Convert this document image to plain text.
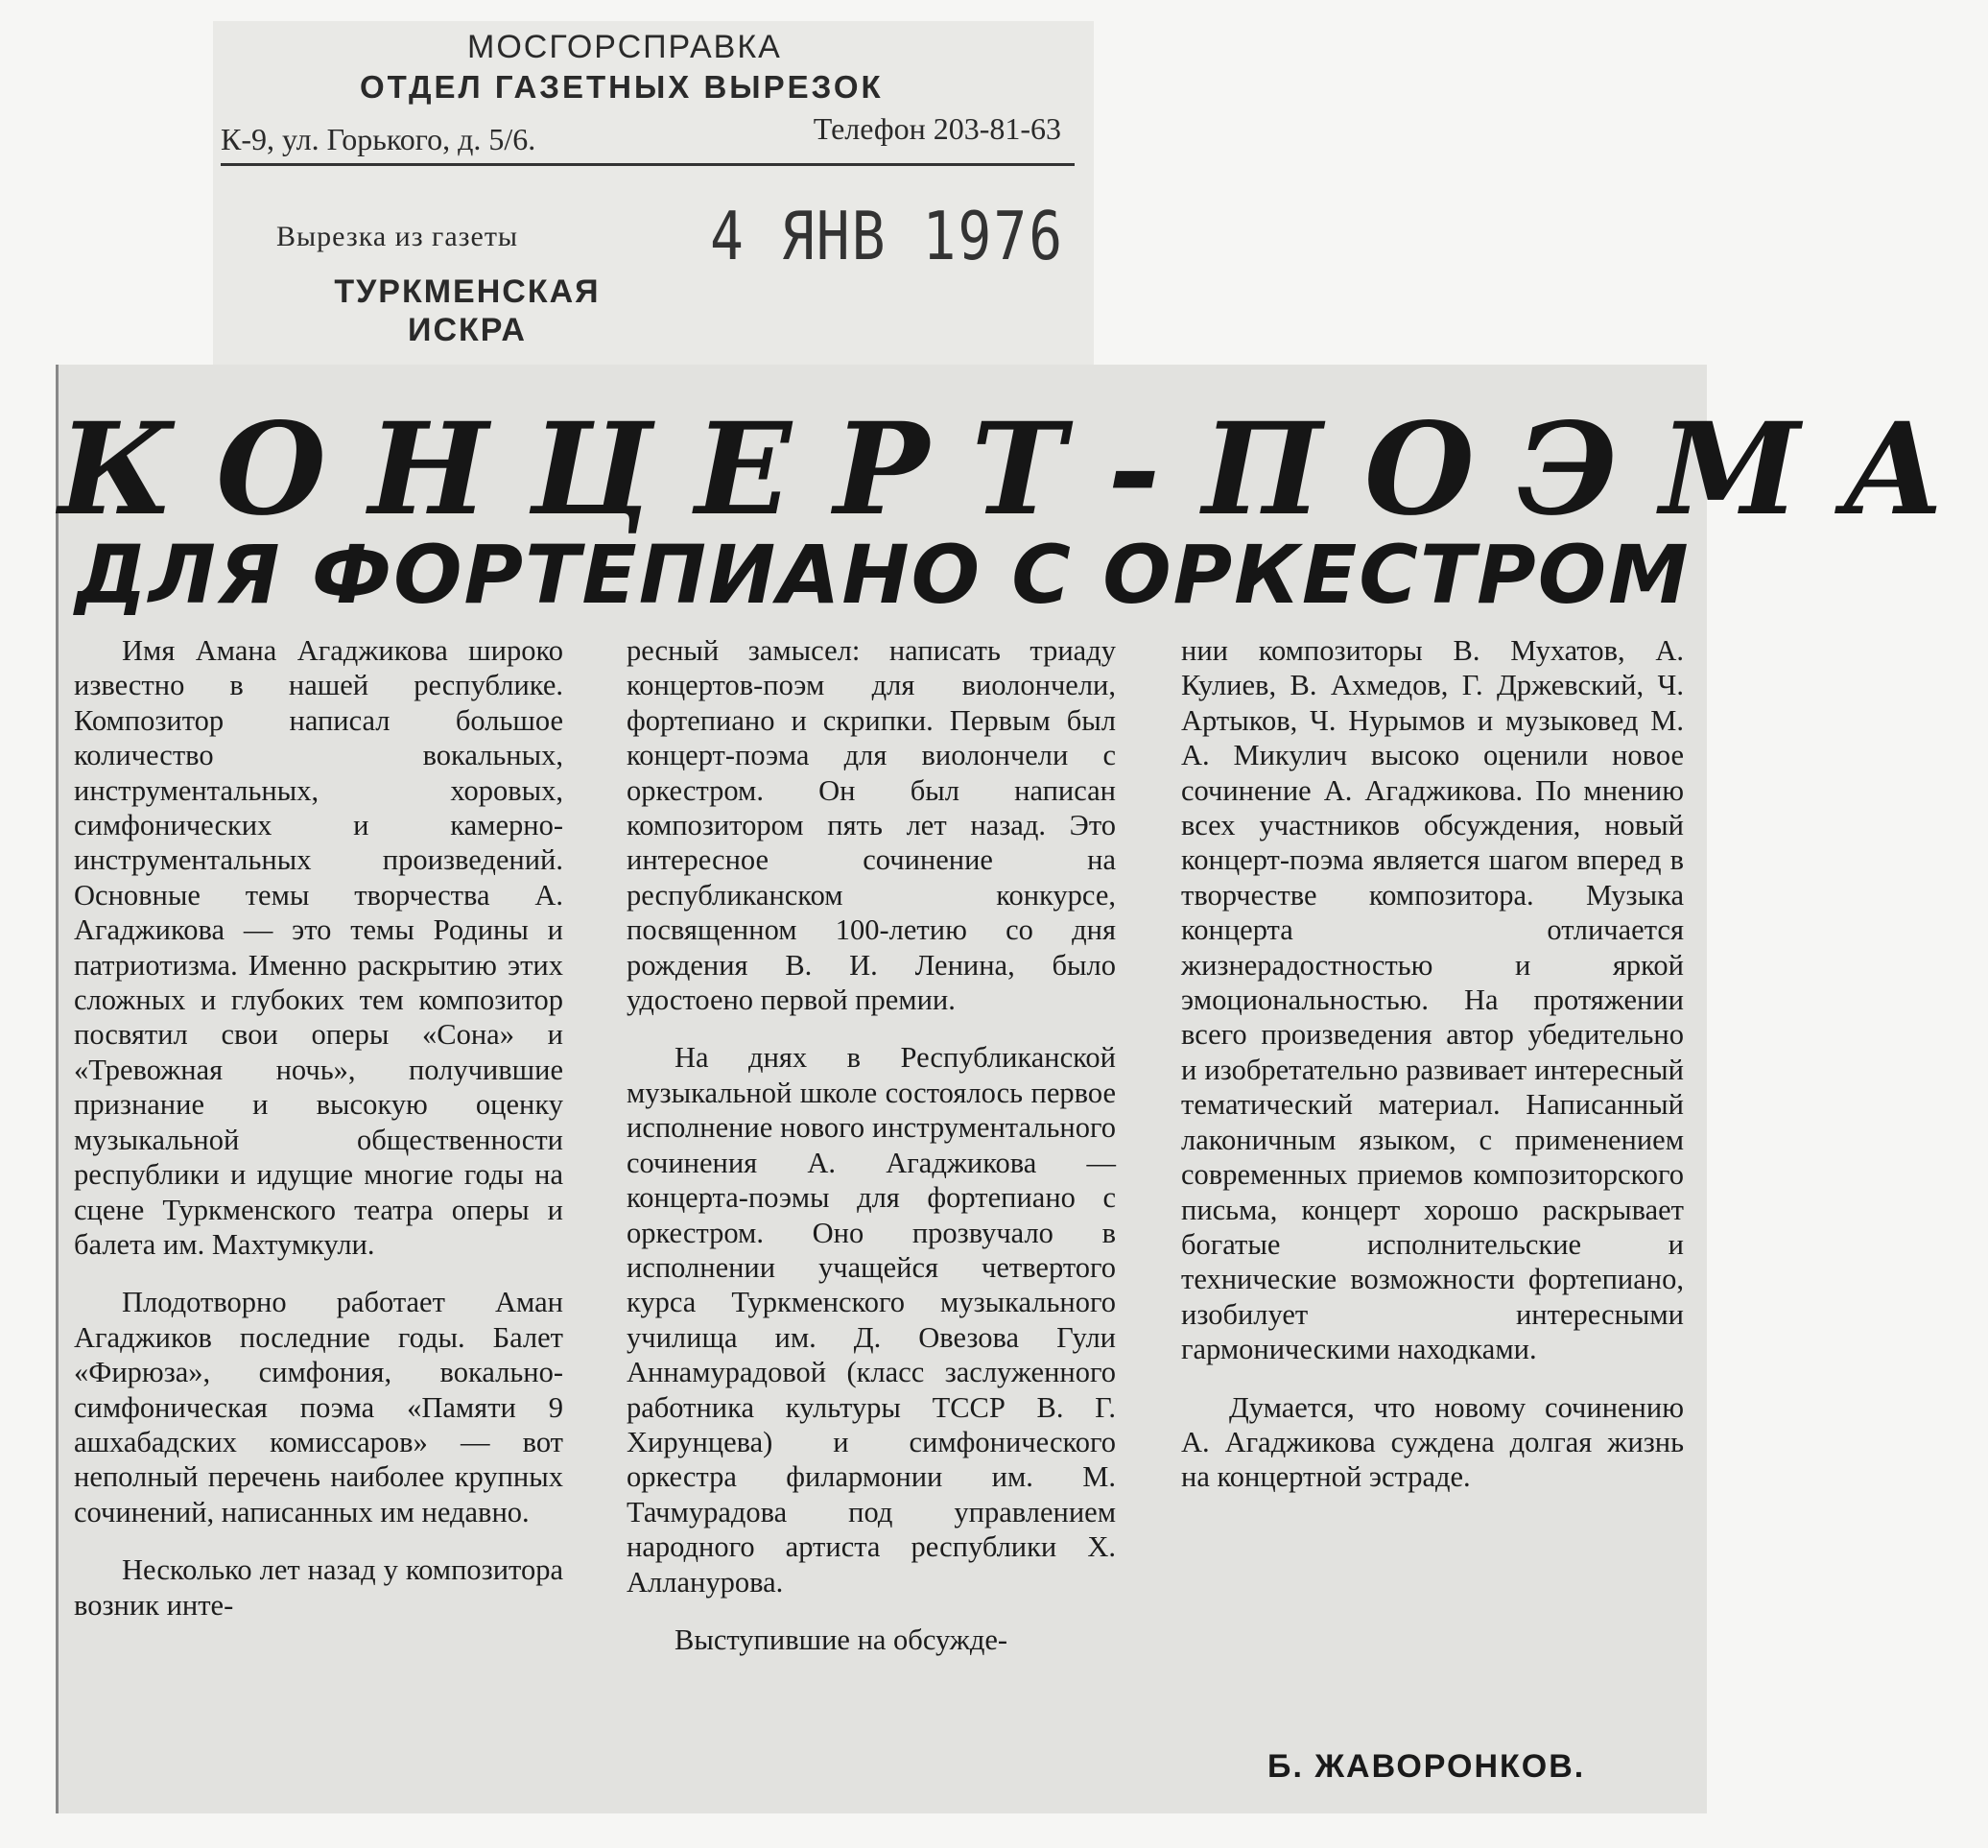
МОСГОРСПРАВКА
ОТДЕЛ ГАЗЕТНЫХ ВЫРЕЗОК
К-9, ул. Горького, д. 5/6.	Телефон 203-81-63
Вырезка из газеты
ТУРКМЕНСКАЯ ИСКРА
4 ЯНВ 1976
КОНЦЕРТ-ПОЭМА
ДЛЯ ФОРТЕПИАНО С ОРКЕСТРОМ

Имя Амана Агаджикова широко известно в нашей республике. Композитор написал большое количество вокальных, инструментальных, хоровых, симфонических и камерно-инструментальных произведений. Основные темы творчества А. Агаджикова — это темы Родины и патриотизма. Именно раскрытию этих сложных и глубоких тем композитор посвятил свои оперы «Сона» и «Тревожная ночь», получившие признание и высокую оценку музыкальной общественности республики и идущие многие годы на сцене Туркменского театра оперы и балета им. Махтумкули.

Плодотворно работает Аман Агаджиков последние годы. Балет «Фирюза», симфония, вокально-симфоническая поэма «Памяти 9 ашхабадских комиссаров» — вот неполный перечень наиболее крупных сочинений, написанных им недавно.

Несколько лет назад у композитора возник инте-

ресный замысел: написать триаду концертов-поэм для виолончели, фортепиано и скрипки. Первым был концерт-поэма для виолончели с оркестром. Он был написан композитором пять лет назад. Это интересное сочинение на республиканском конкурсе, посвященном 100-летию со дня рождения В. И. Ленина, было удостоено первой премии.

На днях в Республиканской музыкальной школе состоялось первое исполнение нового инструментального сочинения А. Агаджикова — концерта-поэмы для фортепиано с оркестром. Оно прозвучало в исполнении учащейся четвертого курса Туркменского музыкального училища им. Д. Овезова Гули Аннамурадовой (класс заслуженного работника культуры ТССР В. Г. Хирунцева) и симфонического оркестра филармонии им. М. Тачмурадова под управлением народного артиста республики Х. Алланурова.

Выступившие на обсужде-

нии композиторы В. Мухатов, А. Кулиев, В. Ахмедов, Г. Држевский, Ч. Артыков, Ч. Нурымов и музыковед М. А. Микулич высоко оценили новое сочинение А. Агаджикова. По мнению всех участников обсуждения, новый концерт-поэма является шагом вперед в творчестве композитора. Музыка концерта отличается жизнерадостностью и яркой эмоциональностью. На протяжении всего произведения автор убедительно и изобретательно развивает интересный тематический материал. Написанный лаконичным языком, с применением современных приемов композиторского письма, концерт хорошо раскрывает богатые исполнительские и технические возможности фортепиано, изобилует интересными гармоническими находками.

Думается, что новому сочинению А. Агаджикова суждена долгая жизнь на концертной эстраде.

Б. ЖАВОРОНКОВ.
